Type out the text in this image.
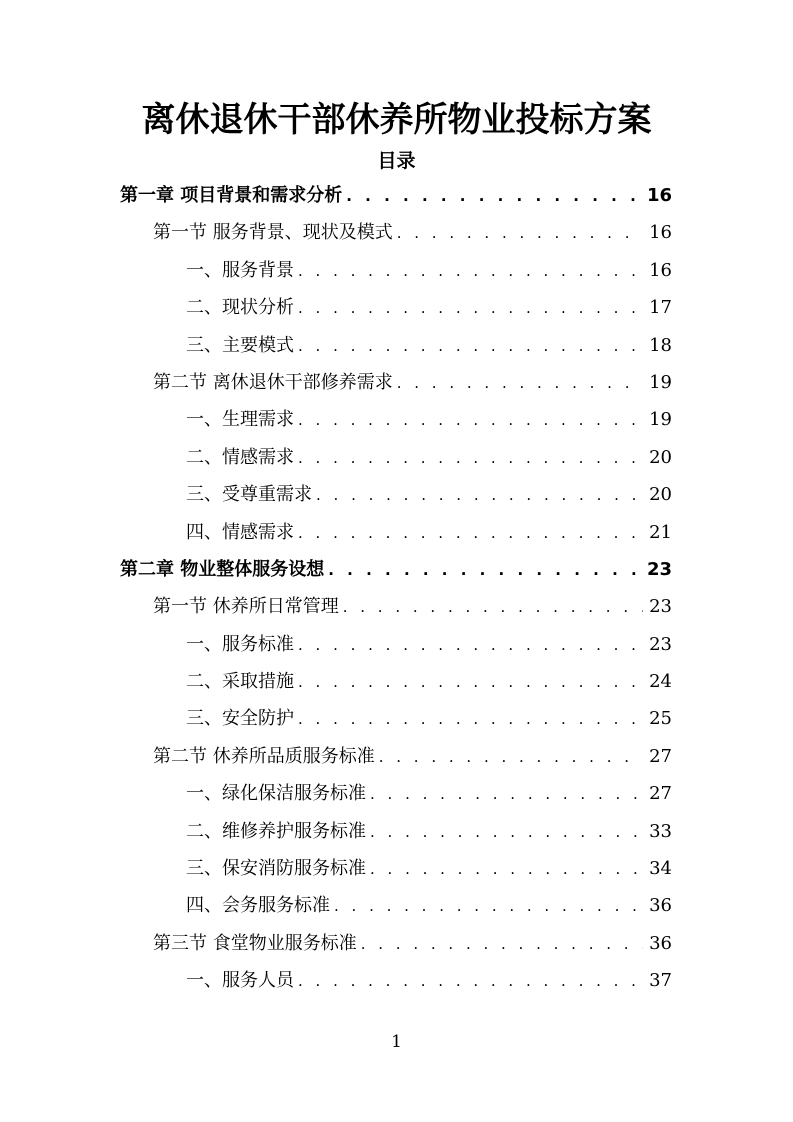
离休退休干部休养所物业投标方案
目录
第一章 项目背景和需求分析 . . .	16
第一节 服务背景、现状及模式 . . .	16
一、服务背景 . . .	16
二、现状分析 . . .	17
三、主要模式 . . .	18
第二节 离休退休干部修养需求 . . .	19
一、生理需求 . . .	19
二、情感需求 . . .	20
三、受尊重需求 . . .	20
四、情感需求 . . .	21
第二章 物业整体服务设想 . . .	23
第一节 休养所日常管理 . . .	23
一、服务标准 . . .	23
二、采取措施 . . .	24
三、安全防护 . . .	25
第二节 休养所品质服务标准 . . .	27
一、绿化保洁服务标准 . . .	27
二、维修养护服务标准 . . .	33
三、保安消防服务标准 . . .	34
四、会务服务标准 . . .	36
第三节 食堂物业服务标准 . . .	36
一、服务人员 . . .	37
1
